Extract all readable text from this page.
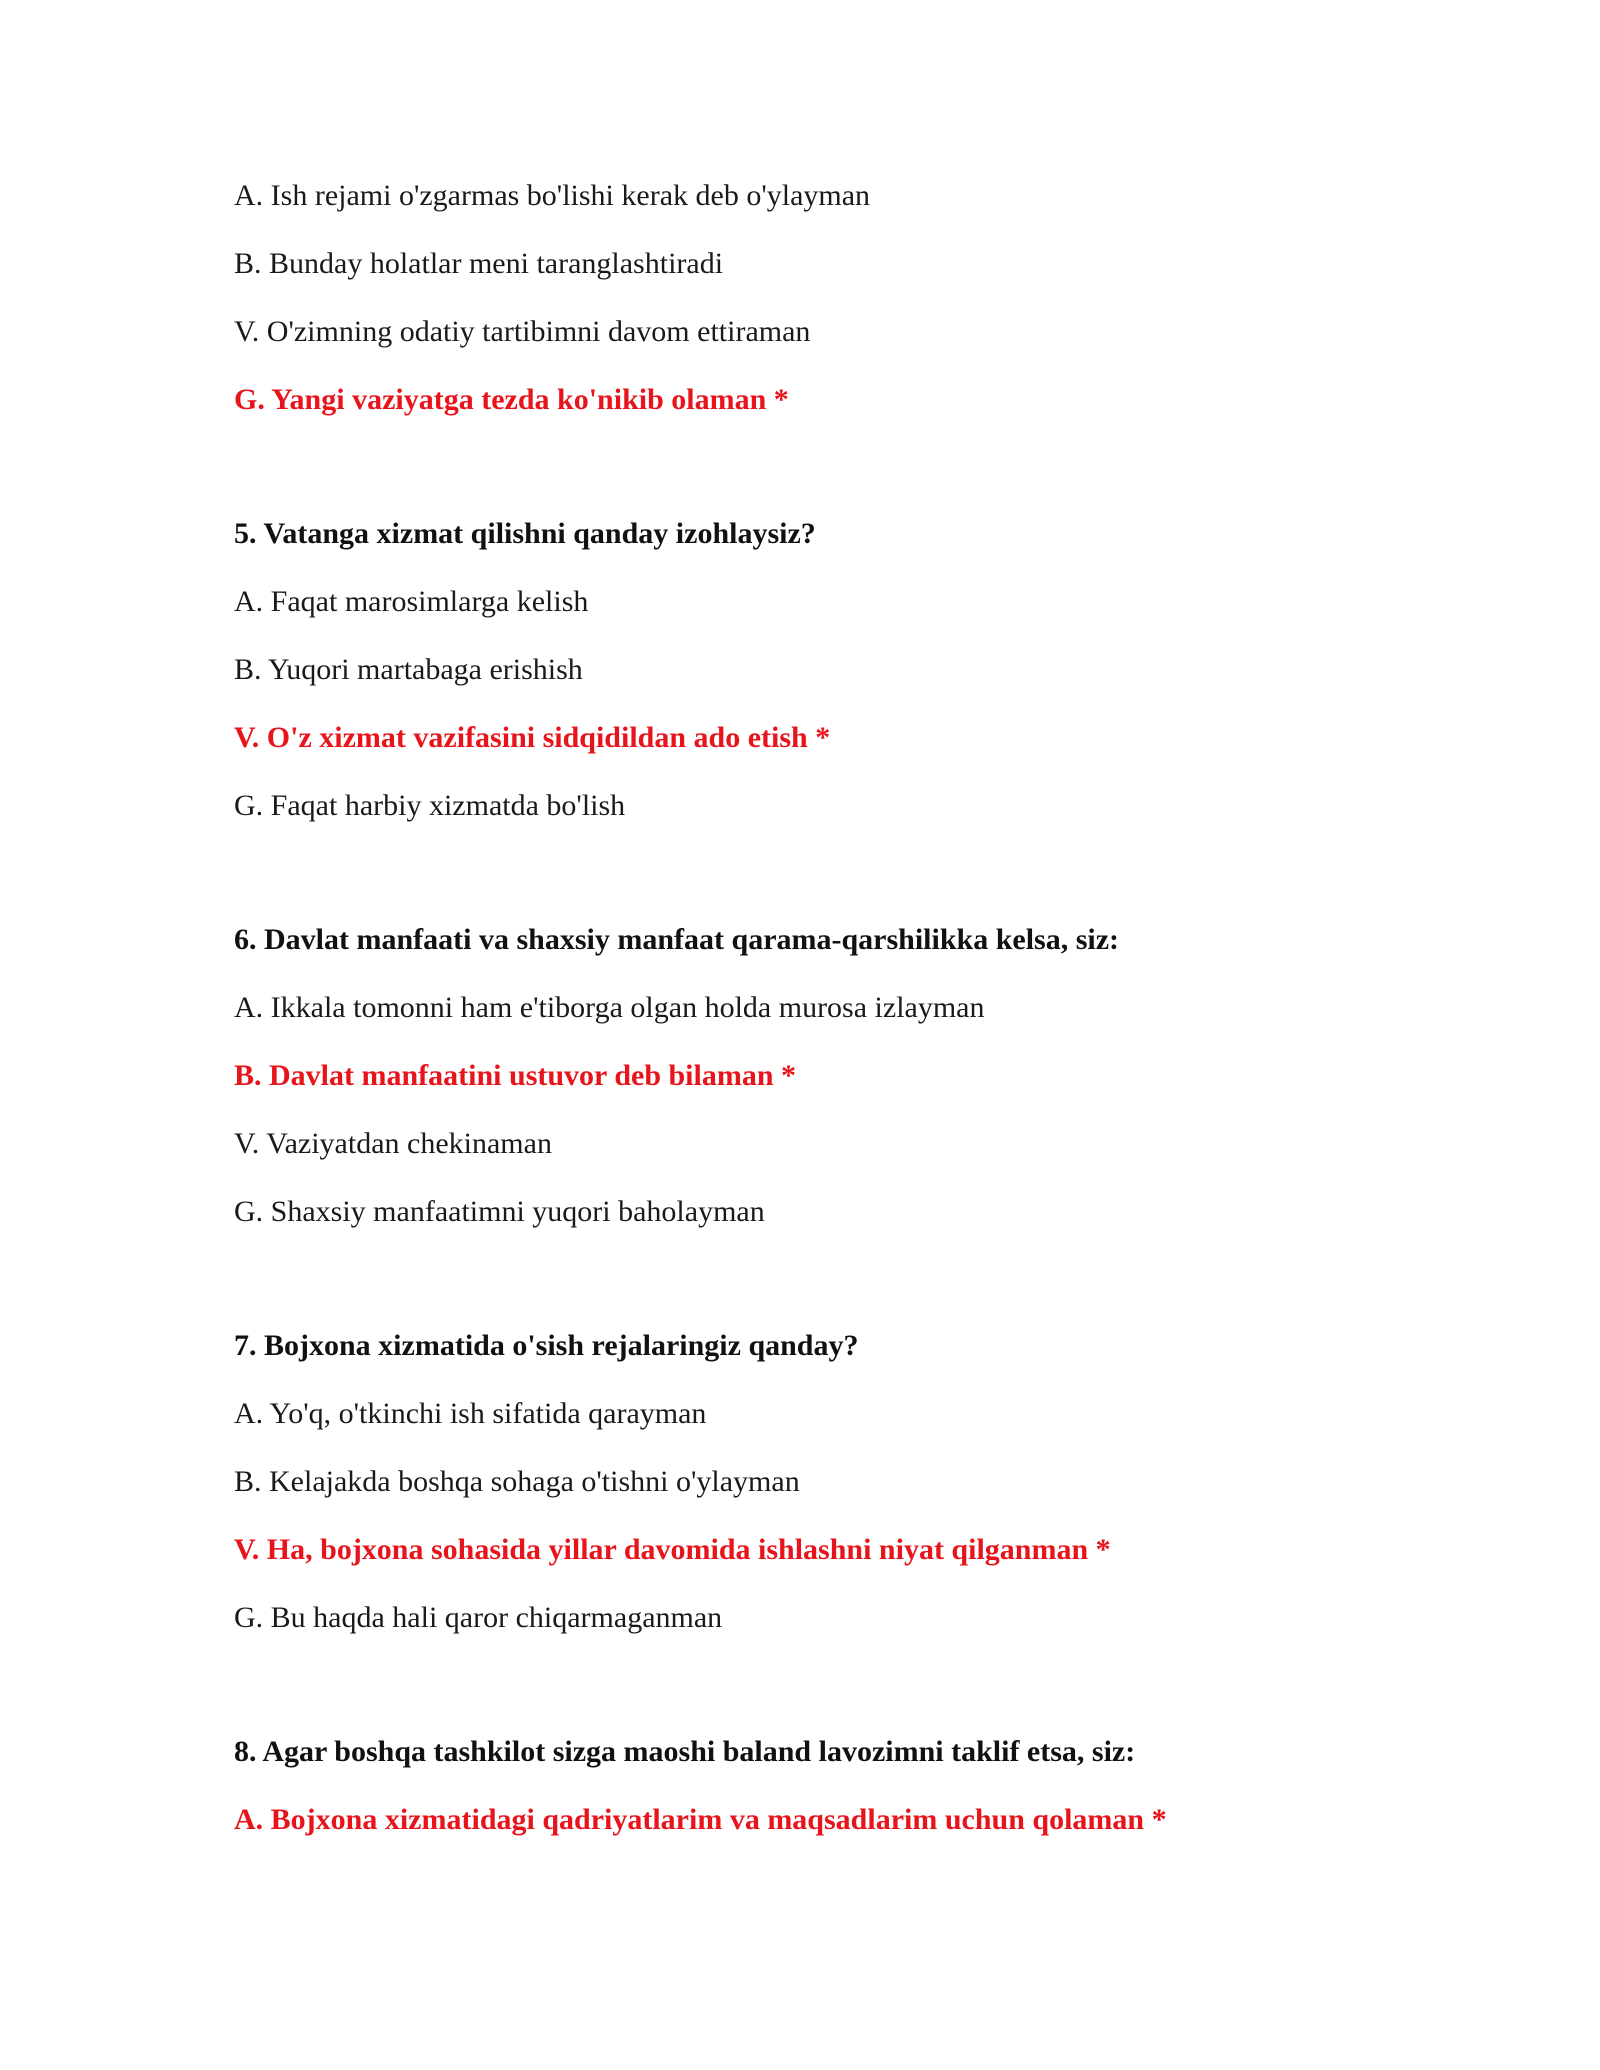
A. Ish rejami o'zgarmas bo'lishi kerak deb o'ylayman
B. Bunday holatlar meni taranglashtiradi
V. O'zimning odatiy tartibimni davom ettiraman
G. Yangi vaziyatga tezda ko'nikib olaman *
5. Vatanga xizmat qilishni qanday izohlaysiz?
A. Faqat marosimlarga kelish
B. Yuqori martabaga erishish
V. O'z xizmat vazifasini sidqidildan ado etish *
G. Faqat harbiy xizmatda bo'lish
6. Davlat manfaati va shaxsiy manfaat qarama-qarshilikka kelsa, siz:
A. Ikkala tomonni ham e'tiborga olgan holda murosa izlayman
B. Davlat manfaatini ustuvor deb bilaman *
V. Vaziyatdan chekinaman
G. Shaxsiy manfaatimni yuqori baholayman
7. Bojxona xizmatida o'sish rejalaringiz qanday?
A. Yo'q, o'tkinchi ish sifatida qarayman
B. Kelajakda boshqa sohaga o'tishni o'ylayman
V. Ha, bojxona sohasida yillar davomida ishlashni niyat qilganman *
G. Bu haqda hali qaror chiqarmaganman
8. Agar boshqa tashkilot sizga maoshi baland lavozimni taklif etsa, siz:
A. Bojxona xizmatidagi qadriyatlarim va maqsadlarim uchun qolaman *
